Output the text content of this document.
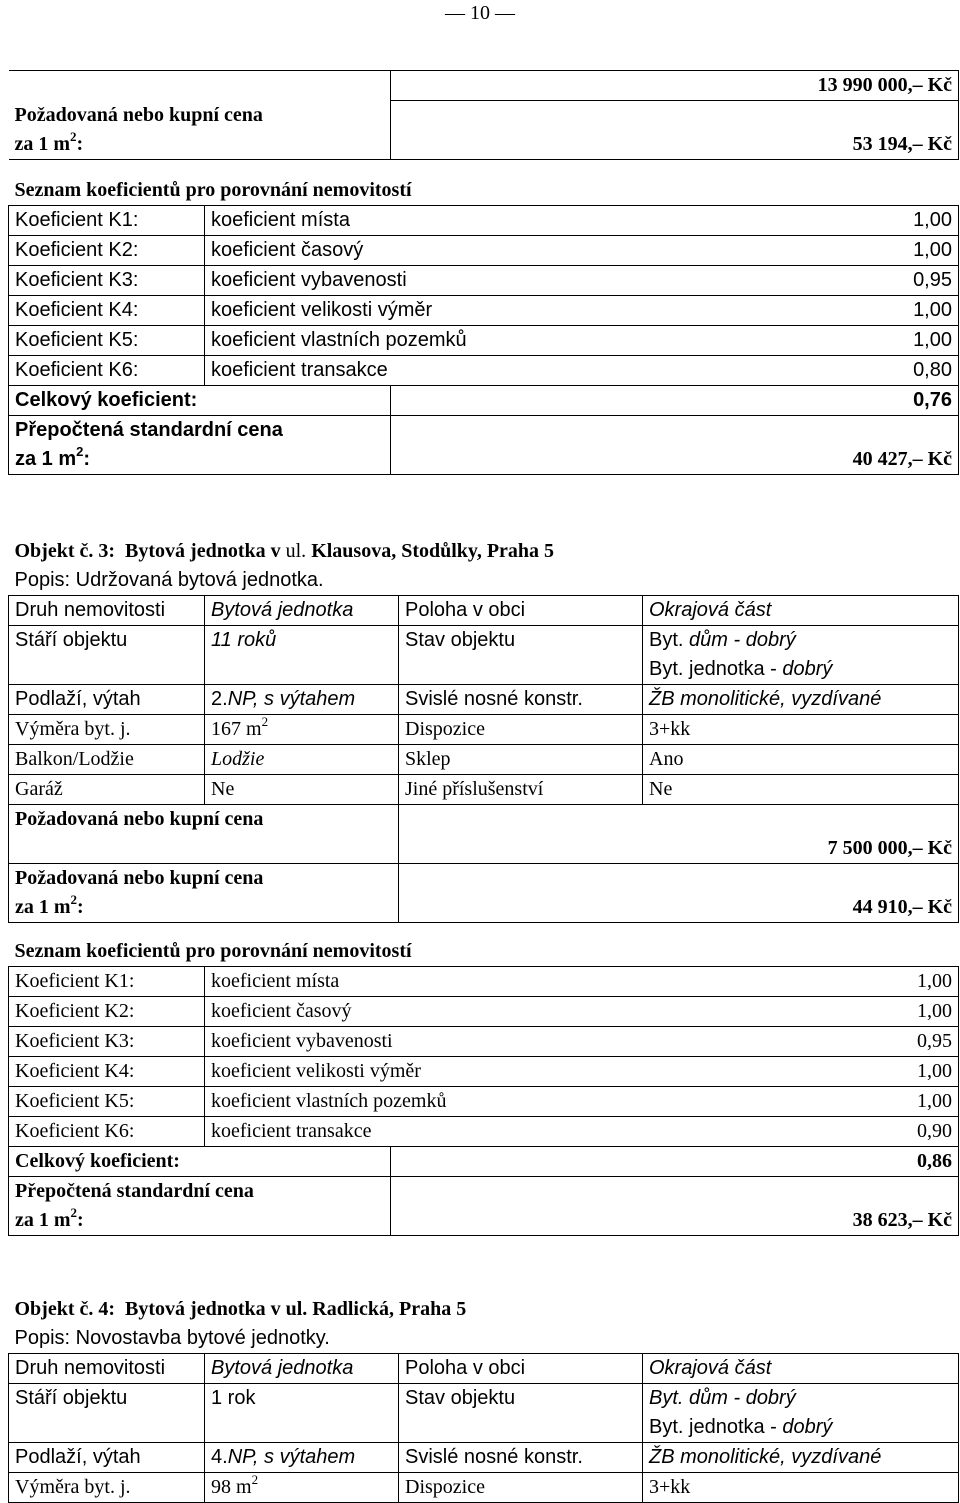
— 10 —
		13 990 000,– Kč
Požadovaná nebo kupní cena		
za 1 $m^2$:		53 194,– Kč

Seznam koeficientů pro porovnání nemovitostí		
Koeficient K1:	koeficient místa 1,00	

Koeficient K2:	koeficient časový 1,00	

Koeficient K3:	koeficient vybavenosti 0,95	

Koeficient K4:	koeficient velikosti výměr 1,00	

Koeficient K5:	koeficient vlastních pozemků 1,00	

Koeficient K6:	koeficient transakce 0,80	

Celkový koeficient:		0,76
Přepočtená standardní cena		
za 1 $m^2$:		40 427,– Kč
Objekt č. 3: Bytová jednotka v ul. Klausova, Stodůlky, Praha 5			
Popis: Udržovaná bytová jednotka.			
Druh nemovitosti	Bytová jednotka	Poloha v obci	Okrajová část
Stáří objektu	11 roků	Stav objektu	Byt. dům - dobrý
			Byt. jednotka - dobrý
Podlaží, výtah	2.NP, s výtahem	Svislé nosné konstr.	ŽB monolitické, vyzdívané
Výměra byt. j.	167 $m^2$	Dispozice	3+kk
Balkon/Lodžie	Lodžie	Sklep	Ano
Garáž	Ne	Jiné příslušenství	Ne
Požadovaná nebo kupní cena	
	7 500 000,– Kč
Požadovaná nebo kupní cena	
za 1 $m^2$:	44 910,– Kč
Seznam koeficientů pro porovnání nemovitostí		
Koeficient K1:	koeficient místa 1,00	

Koeficient K2:	koeficient časový 1,00	

Koeficient K3:	koeficient vybavenosti 0,95	

Koeficient K4:	koeficient velikosti výměr 1,00	

Koeficient K5:	koeficient vlastních pozemků 1,00	

Koeficient K6:	koeficient transakce 0,90	

Celkový koeficient:		0,86
Přepočtená standardní cena		
za 1 $m^2$:		38 623,– Kč
Objekt č. 4: Bytová jednotka v ul. Radlická, Praha 5			
Popis: Novostavba bytové jednotky.			
Druh nemovitosti	Bytová jednotka	Poloha v obci	Okrajová část
Stáří objektu	1 rok	Stav objektu	Byt. dům - dobrý
			Byt. jednotka - dobrý
Podlaží, výtah	4.NP, s výtahem	Svislé nosné konstr.	ŽB monolitické, vyzdívané
Výměra byt. j.	98 $m^2$	Dispozice	3+kk
